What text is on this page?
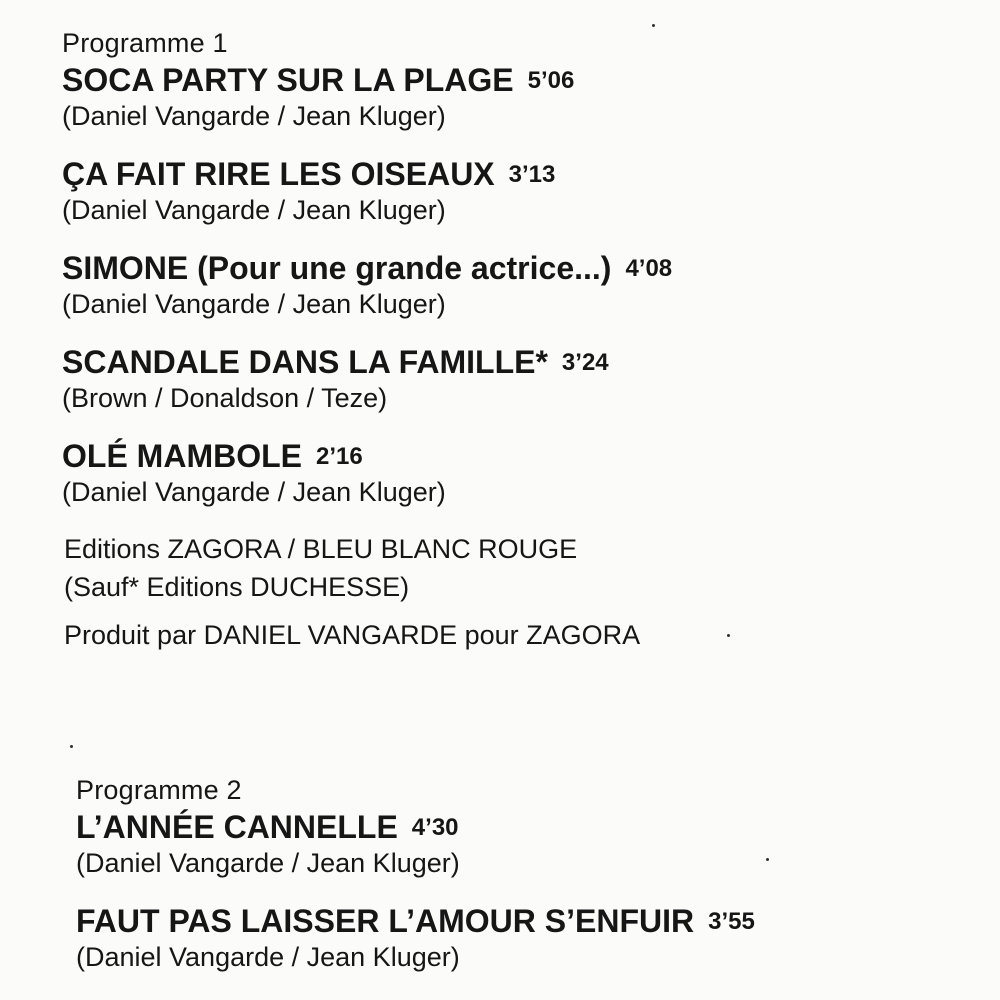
Programme 1
SOCA PARTY SUR LA PLAGE 5’06
(Daniel Vangarde / Jean Kluger)
ÇA FAIT RIRE LES OISEAUX 3’13
(Daniel Vangarde / Jean Kluger)
SIMONE (Pour une grande actrice...) 4’08
(Daniel Vangarde / Jean Kluger)
SCANDALE DANS LA FAMILLE* 3’24
(Brown / Donaldson / Teze)
OLÉ MAMBOLE 2’16
(Daniel Vangarde / Jean Kluger)
Editions ZAGORA / BLEU BLANC ROUGE
(Sauf* Editions DUCHESSE)
Produit par DANIEL VANGARDE pour ZAGORA
Programme 2
L’ANNÉE CANNELLE 4’30
(Daniel Vangarde / Jean Kluger)
FAUT PAS LAISSER L’AMOUR S’ENFUIR 3’55
(Daniel Vangarde / Jean Kluger)
